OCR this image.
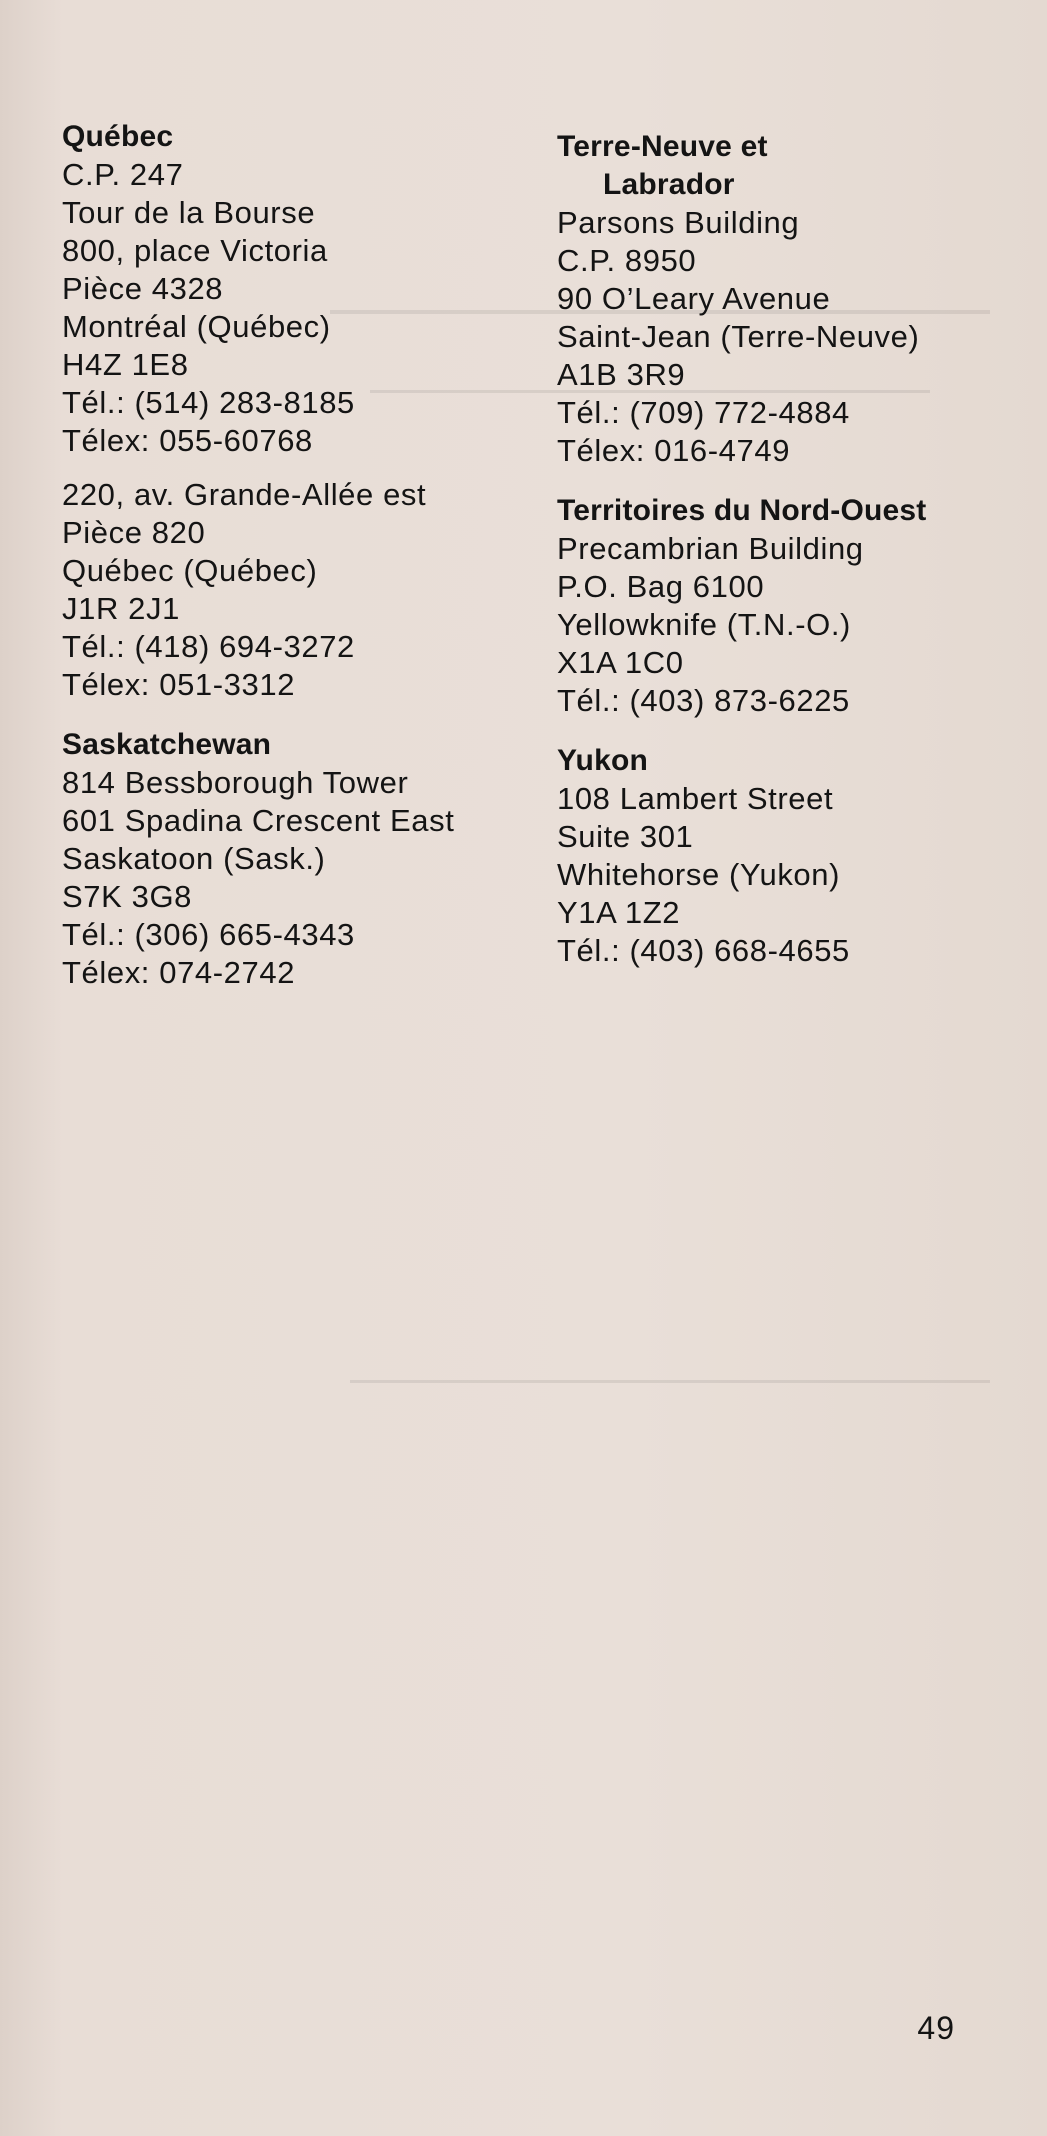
Québec
C.P. 247
Tour de la Bourse
800, place Victoria
Pièce 4328
Montréal (Québec)
H4Z 1E8
Tél.: (514) 283-8185
Télex: 055-60768
220, av. Grande-Allée est
Pièce 820
Québec (Québec)
J1R 2J1
Tél.: (418) 694-3272
Télex: 051-3312
Saskatchewan
814 Bessborough Tower
601 Spadina Crescent East
Saskatoon (Sask.)
S7K 3G8
Tél.: (306) 665-4343
Télex: 074-2742
Terre-Neuve et
Labrador
Parsons Building
C.P. 8950
90 O’Leary Avenue
Saint-Jean (Terre-Neuve)
A1B 3R9
Tél.: (709) 772-4884
Télex: 016-4749
Territoires du Nord-Ouest
Precambrian Building
P.O. Bag 6100
Yellowknife (T.N.-O.)
X1A 1C0
Tél.: (403) 873-6225
Yukon
108 Lambert Street
Suite 301
Whitehorse (Yukon)
Y1A 1Z2
Tél.: (403) 668-4655
49
